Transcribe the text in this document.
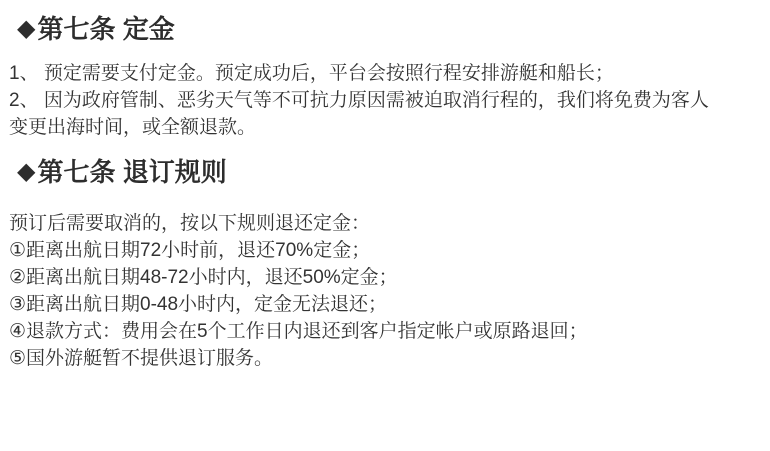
◆ 第七条 定金
1、 预定需要支付定金。预定成功后，平台会按照行程安排游艇和船长；
2、 因为政府管制、恶劣天气等不可抗力原因需被迫取消行程的，我们将免费为客人
变更出海时间，或全额退款。
◆ 第七条 退订规则
预订后需要取消的，按以下规则退还定金：
①距离出航日期72小时前，退还70%定金；
②距离出航日期48-72小时内，退还50%定金；
③距离出航日期0-48小时内，定金无法退还；
④退款方式：费用会在5个工作日内退还到客户指定帐户或原路退回；
⑤国外游艇暂不提供退订服务。
